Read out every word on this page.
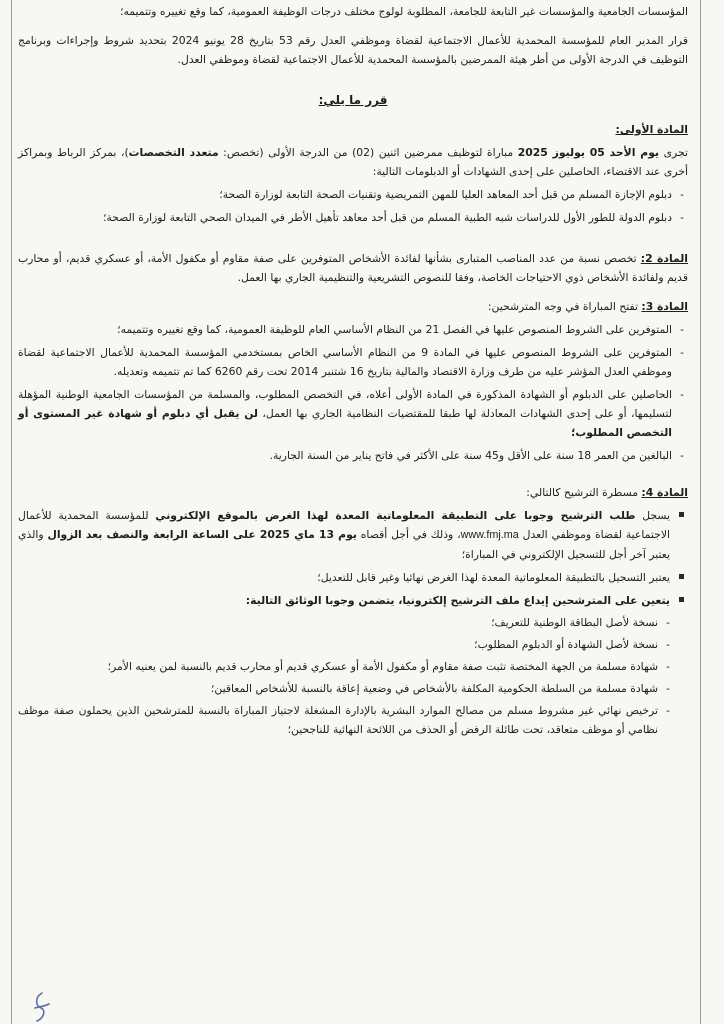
المؤسسات الجامعية والمؤسسات غير التابعة للجامعة، المطلوبة لولوج مختلف درجات الوظيفة العمومية، كما وقع تغييره وتتميمه؛

قرار المدير العام للمؤسسة المحمدية للأعمال الاجتماعية لقضاة وموظفي العدل رقم 53 بتاريخ 28 يونيو 2024 بتحديد شروط وإجراءات وبرنامج التوظيف في الدرجة الأولى من أطر هيئة الممرضين بالمؤسسة المحمدية للأعمال الاجتماعية لقضاة وموظفي العدل.

قرر ما يلي:

المادة الأولى:

تجرى يوم الأحد 05 يوليوز 2025 مباراة لتوظيف ممرضين اثنين (02) من الدرجة الأولى (تخصص: متعدد التخصصات)، بمركز الرباط وبمراكز أخرى عند الاقتضاء، الحاصلين على إحدى الشهادات أو الدبلومات التالية:

- دبلوم الإجازة المسلم من قبل أحد المعاهد العليا للمهن التمريضية وتقنيات الصحة التابعة لوزارة الصحة؛

- دبلوم الدولة للطور الأول للدراسات شبه الطبية المسلم من قبل أحد معاهد تأهيل الأطر في الميدان الصحي التابعة لوزارة الصحة؛

المادة 2: تخصص نسبة من عدد المناصب المتبارى بشأنها لفائدة الأشخاص المتوفرين على صفة مقاوم أو مكفول الأمة، أو عسكري قديم، أو محارب قديم ولفائدة الأشخاص ذوي الاحتياجات الخاصة، وفقا للنصوص التشريعية والتنظيمية الجاري بها العمل.

المادة 3: تفتح المباراة في وجه المترشحين:

- المتوفرين على الشروط المنصوص عليها في الفصل 21 من النظام الأساسي العام للوظيفة العمومية، كما وقع تغييره وتتميمه؛

- المتوفرين على الشروط المنصوص عليها في المادة 9 من النظام الأساسي الخاص بمستخدمي المؤسسة المحمدية للأعمال الاجتماعية لقضاة وموظفي العدل المؤشر عليه من طرف وزارة الاقتصاد والمالية بتاريخ 16 شتنبر 2014 تحت رقم 6260 كما تم تتميمه وتعديله.

- الحاصلين على الدبلوم أو الشهادة المذكورة في المادة الأولى أعلاه، في التخصص المطلوب، والمسلمة من المؤسسات الجامعية الوطنية المؤهلة لتسليمها، أو على إحدى الشهادات المعادلة لها طبقا للمقتضيات النظامية الجاري بها العمل، لن يقبل أي دبلوم أو شهادة غير المستوى أو التخصص المطلوب؛

- البالغين من العمر 18 سنة على الأقل و45 سنة على الأكثر في فاتح يناير من السنة الجارية.

المادة 4: مسطرة الترشيح كالتالي:

يسجل طلب الترشيح وجوبا على التطبيقة المعلوماتية المعدة لهذا الغرض بالموقع الإلكتروني للمؤسسة المحمدية للأعمال الاجتماعية لقضاة وموظفي العدل www.fmj.ma، وذلك في أجل أقصاه يوم 13 ماي 2025 على الساعة الرابعة والنصف بعد الزوال والذي يعتبر آخر أجل للتسجيل الإلكتروني في المباراة؛
يعتبر التسجيل بالتطبيقة المعلوماتية المعدة لهذا الغرض نهائيا وغير قابل للتعديل؛
يتعين على المترشحين إيداع ملف الترشيح إلكترونيا، يتضمن وجوبا الوثائق التالية:

- نسخة لأصل البطاقة الوطنية للتعريف؛

- نسخة لأصل الشهادة أو الدبلوم المطلوب؛

- شهادة مسلمة من الجهة المختصة تثبت صفة مقاوم أو مكفول الأمة أو عسكري قديم أو محارب قديم بالنسبة لمن يعنيه الأمر؛

- شهادة مسلمة من السلطة الحكومية المكلفة بالأشخاص في وضعية إعاقة بالنسبة للأشخاص المعاقين؛

- ترخيص نهائي غير مشروط مسلم من مصالح الموارد البشرية بالإدارة المشغلة لاجتياز المباراة بالنسبة للمترشحين الذين يحملون صفة موظف نظامي أو موظف متعاقد، تحت طائلة الرفض أو الحذف من اللائحة النهائية للناجحين؛
